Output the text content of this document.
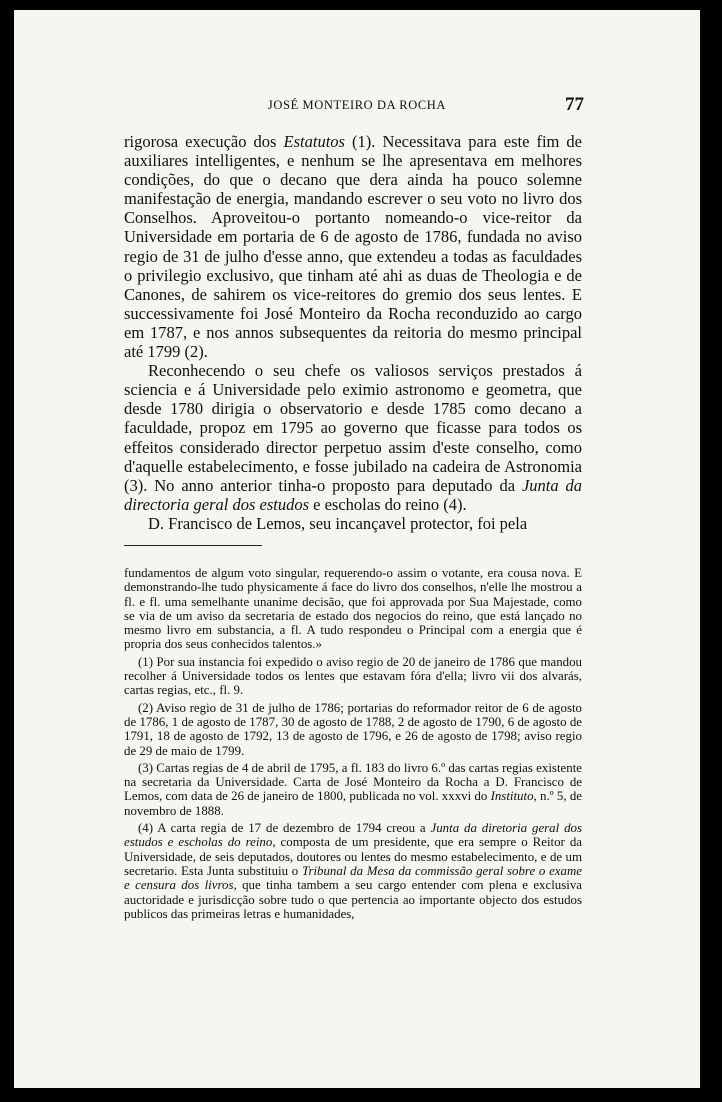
JOSÉ MONTEIRO DA ROCHA	77

rigorosa execução dos Estatutos (1). Necessitava para este fim de auxiliares intelligentes, e nenhum se lhe apresentava em melhores condições, do que o decano que dera ainda ha pouco solemne manifestação de energia, mandando escrever o seu voto no livro dos Conselhos. Aproveitou-o portanto nomeando-o vice-reitor da Universidade em portaria de 6 de agosto de 1786, fundada no aviso regio de 31 de julho d'esse anno, que extendeu a todas as faculdades o privilegio exclusivo, que tinham até ahi as duas de Theologia e de Canones, de sahirem os vice-reitores do gremio dos seus lentes. E successivamente foi José Monteiro da Rocha reconduzido ao cargo em 1787, e nos annos subsequentes da reitoria do mesmo principal até 1799 (2).

Reconhecendo o seu chefe os valiosos serviços prestados á sciencia e á Universidade pelo eximio astronomo e geometra, que desde 1780 dirigia o observatorio e desde 1785 como decano a faculdade, propoz em 1795 ao governo que ficasse para todos os effeitos considerado director perpetuo assim d'este conselho, como d'aquelle estabelecimento, e fosse jubilado na cadeira de Astronomia (3). No anno anterior tinha-o proposto para deputado da Junta da directoria geral dos estudos e escholas do reino (4).

D. Francisco de Lemos, seu incançavel protector, foi pela

fundamentos de algum voto singular, requerendo-o assim o votante, era cousa nova. E demonstrando-lhe tudo physicamente á face do livro dos conselhos, n'elle lhe mostrou a fl. e fl. uma semelhante unanime decisão, que foi approvada por Sua Majestade, como se via de um aviso da secretaria de estado dos negocios do reino, que está lançado no mesmo livro em substancia, a fl. A tudo respondeu o Principal com a energia que é propria dos seus conhecidos talentos.»

(1) Por sua instancia foi expedido o aviso regio de 20 de janeiro de 1786 que mandou recolher á Universidade todos os lentes que estavam fóra d'ella; livro vii dos alvarás, cartas regias, etc., fl. 9.

(2) Aviso regio de 31 de julho de 1786; portarias do reformador reitor de 6 de agosto de 1786, 1 de agosto de 1787, 30 de agosto de 1788, 2 de agosto de 1790, 6 de agosto de 1791, 18 de agosto de 1792, 13 de agosto de 1796, e 26 de agosto de 1798; aviso regio de 29 de maio de 1799.

(3) Cartas regias de 4 de abril de 1795, a fl. 183 do livro 6.º das cartas regias existente na secretaria da Universidade. Carta de José Monteiro da Rocha a D. Francisco de Lemos, com data de 26 de janeiro de 1800, publicada no vol. xxxvi do Instituto, n.º 5, de novembro de 1888.

(4) A carta regia de 17 de dezembro de 1794 creou a Junta da diretoria geral dos estudos e escholas do reino, composta de um presidente, que era sempre o Reitor da Universidade, de seis deputados, doutores ou lentes do mesmo estabelecimento, e de um secretario. Esta Junta substituiu o Tribunal da Mesa da commissão geral sobre o exame e censura dos livros, que tinha tambem a seu cargo entender com plena e exclusiva auctoridade e jurisdicção sobre tudo o que pertencia ao importante objecto dos estudos publicos das primeiras letras e humanidades,
